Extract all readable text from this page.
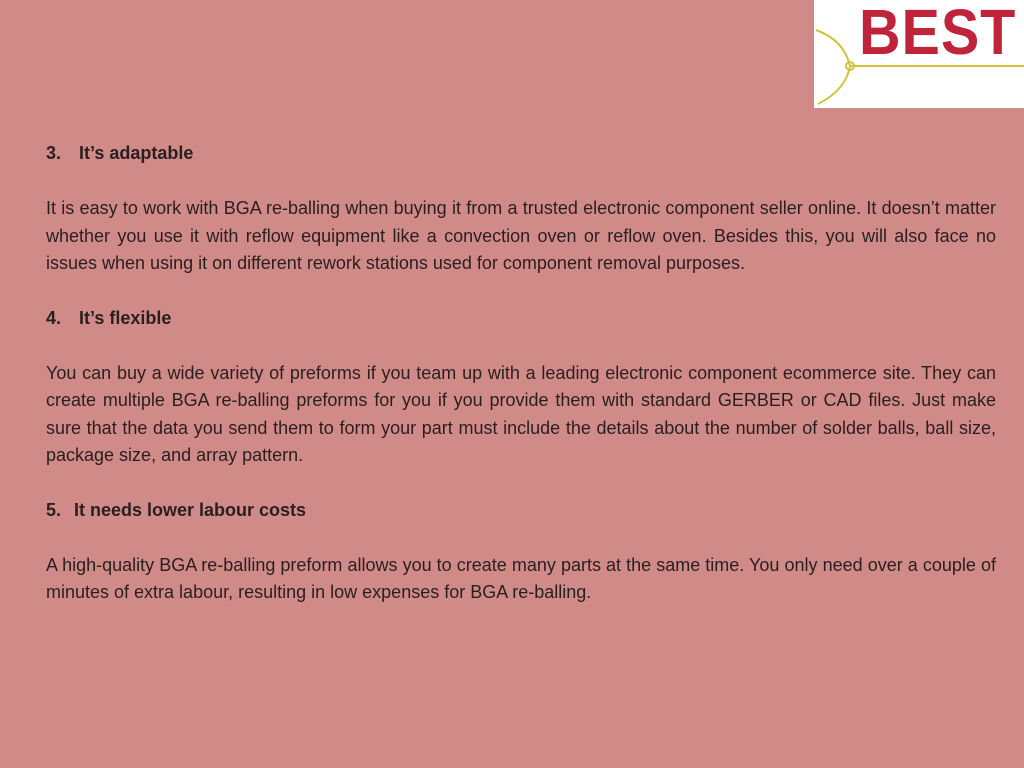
BEST
3. It’s adaptable
It is easy to work with BGA re-balling when buying it from a trusted electronic component seller online. It doesn’t matter whether you use it with reflow equipment like a convection oven or reflow oven. Besides this, you will also face no issues when using it on different rework stations used for component removal purposes.
4. It’s flexible
You can buy a wide variety of preforms if you team up with a leading electronic component ecommerce site. They can create multiple BGA re-balling preforms for you if you provide them with standard GERBER or CAD files. Just make sure that the data you send them to form your part must include the details about the number of solder balls, ball size, package size, and array pattern.
5. It needs lower labour costs
A high-quality BGA re-balling preform allows you to create many parts at the same time. You only need over a couple of minutes of extra labour, resulting in low expenses for BGA re-balling.
